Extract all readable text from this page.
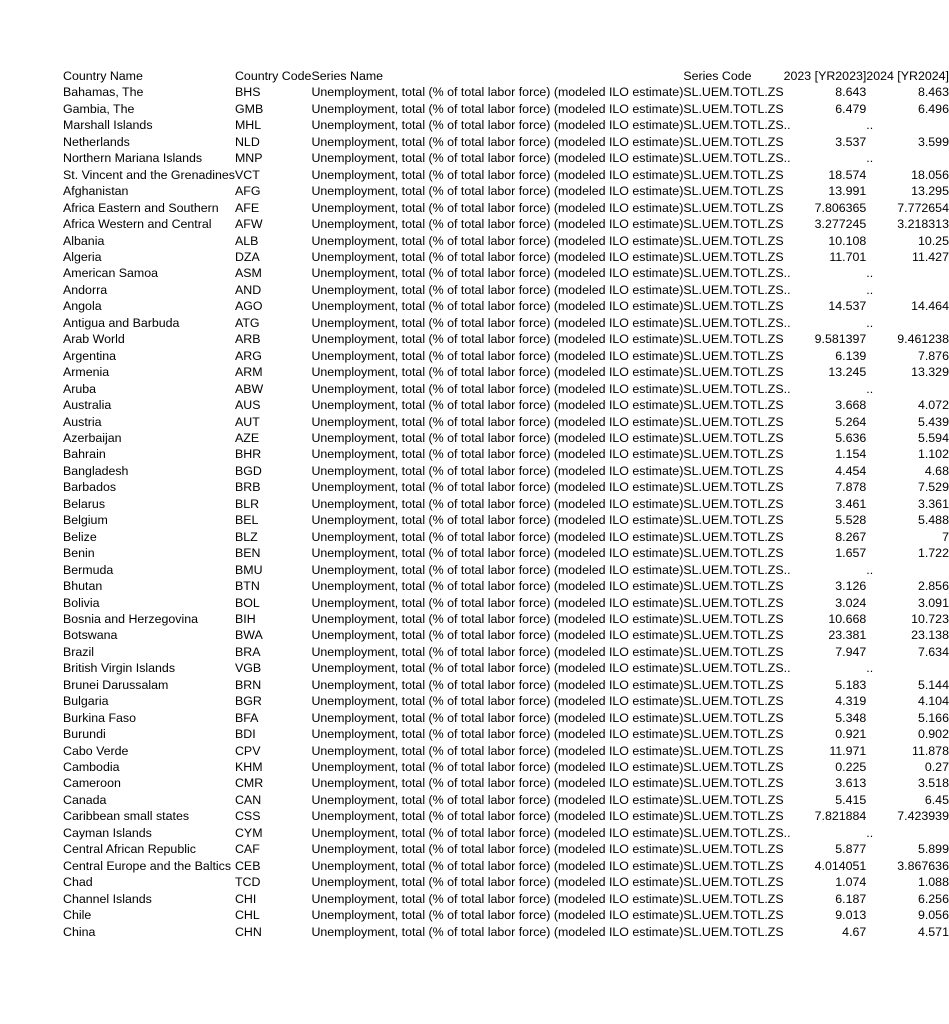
Country Name	Country Code	Series Name	Series Code	2023 [YR2023]	2024 [YR2024]
Bahamas, The	BHS	Unemployment, total (% of total labor force) (modeled ILO estimate)	SL.UEM.TOTL.ZS	8.643	8.463
Gambia, The	GMB	Unemployment, total (% of total labor force) (modeled ILO estimate)	SL.UEM.TOTL.ZS	6.479	6.496
Marshall Islands	MHL	Unemployment, total (% of total labor force) (modeled ILO estimate)	SL.UEM.TOTL.ZS	..	..
Netherlands	NLD	Unemployment, total (% of total labor force) (modeled ILO estimate)	SL.UEM.TOTL.ZS	3.537	3.599
Northern Mariana Islands	MNP	Unemployment, total (% of total labor force) (modeled ILO estimate)	SL.UEM.TOTL.ZS	..	..
St. Vincent and the Grenadines	VCT	Unemployment, total (% of total labor force) (modeled ILO estimate)	SL.UEM.TOTL.ZS	18.574	18.056
Afghanistan	AFG	Unemployment, total (% of total labor force) (modeled ILO estimate)	SL.UEM.TOTL.ZS	13.991	13.295
Africa Eastern and Southern	AFE	Unemployment, total (% of total labor force) (modeled ILO estimate)	SL.UEM.TOTL.ZS	7.806365	7.772654
Africa Western and Central	AFW	Unemployment, total (% of total labor force) (modeled ILO estimate)	SL.UEM.TOTL.ZS	3.277245	3.218313
Albania	ALB	Unemployment, total (% of total labor force) (modeled ILO estimate)	SL.UEM.TOTL.ZS	10.108	10.25
Algeria	DZA	Unemployment, total (% of total labor force) (modeled ILO estimate)	SL.UEM.TOTL.ZS	11.701	11.427
American Samoa	ASM	Unemployment, total (% of total labor force) (modeled ILO estimate)	SL.UEM.TOTL.ZS	..	..
Andorra	AND	Unemployment, total (% of total labor force) (modeled ILO estimate)	SL.UEM.TOTL.ZS	..	..
Angola	AGO	Unemployment, total (% of total labor force) (modeled ILO estimate)	SL.UEM.TOTL.ZS	14.537	14.464
Antigua and Barbuda	ATG	Unemployment, total (% of total labor force) (modeled ILO estimate)	SL.UEM.TOTL.ZS	..	..
Arab World	ARB	Unemployment, total (% of total labor force) (modeled ILO estimate)	SL.UEM.TOTL.ZS	9.581397	9.461238
Argentina	ARG	Unemployment, total (% of total labor force) (modeled ILO estimate)	SL.UEM.TOTL.ZS	6.139	7.876
Armenia	ARM	Unemployment, total (% of total labor force) (modeled ILO estimate)	SL.UEM.TOTL.ZS	13.245	13.329
Aruba	ABW	Unemployment, total (% of total labor force) (modeled ILO estimate)	SL.UEM.TOTL.ZS	..	..
Australia	AUS	Unemployment, total (% of total labor force) (modeled ILO estimate)	SL.UEM.TOTL.ZS	3.668	4.072
Austria	AUT	Unemployment, total (% of total labor force) (modeled ILO estimate)	SL.UEM.TOTL.ZS	5.264	5.439
Azerbaijan	AZE	Unemployment, total (% of total labor force) (modeled ILO estimate)	SL.UEM.TOTL.ZS	5.636	5.594
Bahrain	BHR	Unemployment, total (% of total labor force) (modeled ILO estimate)	SL.UEM.TOTL.ZS	1.154	1.102
Bangladesh	BGD	Unemployment, total (% of total labor force) (modeled ILO estimate)	SL.UEM.TOTL.ZS	4.454	4.68
Barbados	BRB	Unemployment, total (% of total labor force) (modeled ILO estimate)	SL.UEM.TOTL.ZS	7.878	7.529
Belarus	BLR	Unemployment, total (% of total labor force) (modeled ILO estimate)	SL.UEM.TOTL.ZS	3.461	3.361
Belgium	BEL	Unemployment, total (% of total labor force) (modeled ILO estimate)	SL.UEM.TOTL.ZS	5.528	5.488
Belize	BLZ	Unemployment, total (% of total labor force) (modeled ILO estimate)	SL.UEM.TOTL.ZS	8.267	7
Benin	BEN	Unemployment, total (% of total labor force) (modeled ILO estimate)	SL.UEM.TOTL.ZS	1.657	1.722
Bermuda	BMU	Unemployment, total (% of total labor force) (modeled ILO estimate)	SL.UEM.TOTL.ZS	..	..
Bhutan	BTN	Unemployment, total (% of total labor force) (modeled ILO estimate)	SL.UEM.TOTL.ZS	3.126	2.856
Bolivia	BOL	Unemployment, total (% of total labor force) (modeled ILO estimate)	SL.UEM.TOTL.ZS	3.024	3.091
Bosnia and Herzegovina	BIH	Unemployment, total (% of total labor force) (modeled ILO estimate)	SL.UEM.TOTL.ZS	10.668	10.723
Botswana	BWA	Unemployment, total (% of total labor force) (modeled ILO estimate)	SL.UEM.TOTL.ZS	23.381	23.138
Brazil	BRA	Unemployment, total (% of total labor force) (modeled ILO estimate)	SL.UEM.TOTL.ZS	7.947	7.634
British Virgin Islands	VGB	Unemployment, total (% of total labor force) (modeled ILO estimate)	SL.UEM.TOTL.ZS	..	..
Brunei Darussalam	BRN	Unemployment, total (% of total labor force) (modeled ILO estimate)	SL.UEM.TOTL.ZS	5.183	5.144
Bulgaria	BGR	Unemployment, total (% of total labor force) (modeled ILO estimate)	SL.UEM.TOTL.ZS	4.319	4.104
Burkina Faso	BFA	Unemployment, total (% of total labor force) (modeled ILO estimate)	SL.UEM.TOTL.ZS	5.348	5.166
Burundi	BDI	Unemployment, total (% of total labor force) (modeled ILO estimate)	SL.UEM.TOTL.ZS	0.921	0.902
Cabo Verde	CPV	Unemployment, total (% of total labor force) (modeled ILO estimate)	SL.UEM.TOTL.ZS	11.971	11.878
Cambodia	KHM	Unemployment, total (% of total labor force) (modeled ILO estimate)	SL.UEM.TOTL.ZS	0.225	0.27
Cameroon	CMR	Unemployment, total (% of total labor force) (modeled ILO estimate)	SL.UEM.TOTL.ZS	3.613	3.518
Canada	CAN	Unemployment, total (% of total labor force) (modeled ILO estimate)	SL.UEM.TOTL.ZS	5.415	6.45
Caribbean small states	CSS	Unemployment, total (% of total labor force) (modeled ILO estimate)	SL.UEM.TOTL.ZS	7.821884	7.423939
Cayman Islands	CYM	Unemployment, total (% of total labor force) (modeled ILO estimate)	SL.UEM.TOTL.ZS	..	..
Central African Republic	CAF	Unemployment, total (% of total labor force) (modeled ILO estimate)	SL.UEM.TOTL.ZS	5.877	5.899
Central Europe and the Baltics	CEB	Unemployment, total (% of total labor force) (modeled ILO estimate)	SL.UEM.TOTL.ZS	4.014051	3.867636
Chad	TCD	Unemployment, total (% of total labor force) (modeled ILO estimate)	SL.UEM.TOTL.ZS	1.074	1.088
Channel Islands	CHI	Unemployment, total (% of total labor force) (modeled ILO estimate)	SL.UEM.TOTL.ZS	6.187	6.256
Chile	CHL	Unemployment, total (% of total labor force) (modeled ILO estimate)	SL.UEM.TOTL.ZS	9.013	9.056
China	CHN	Unemployment, total (% of total labor force) (modeled ILO estimate)	SL.UEM.TOTL.ZS	4.67	4.571
